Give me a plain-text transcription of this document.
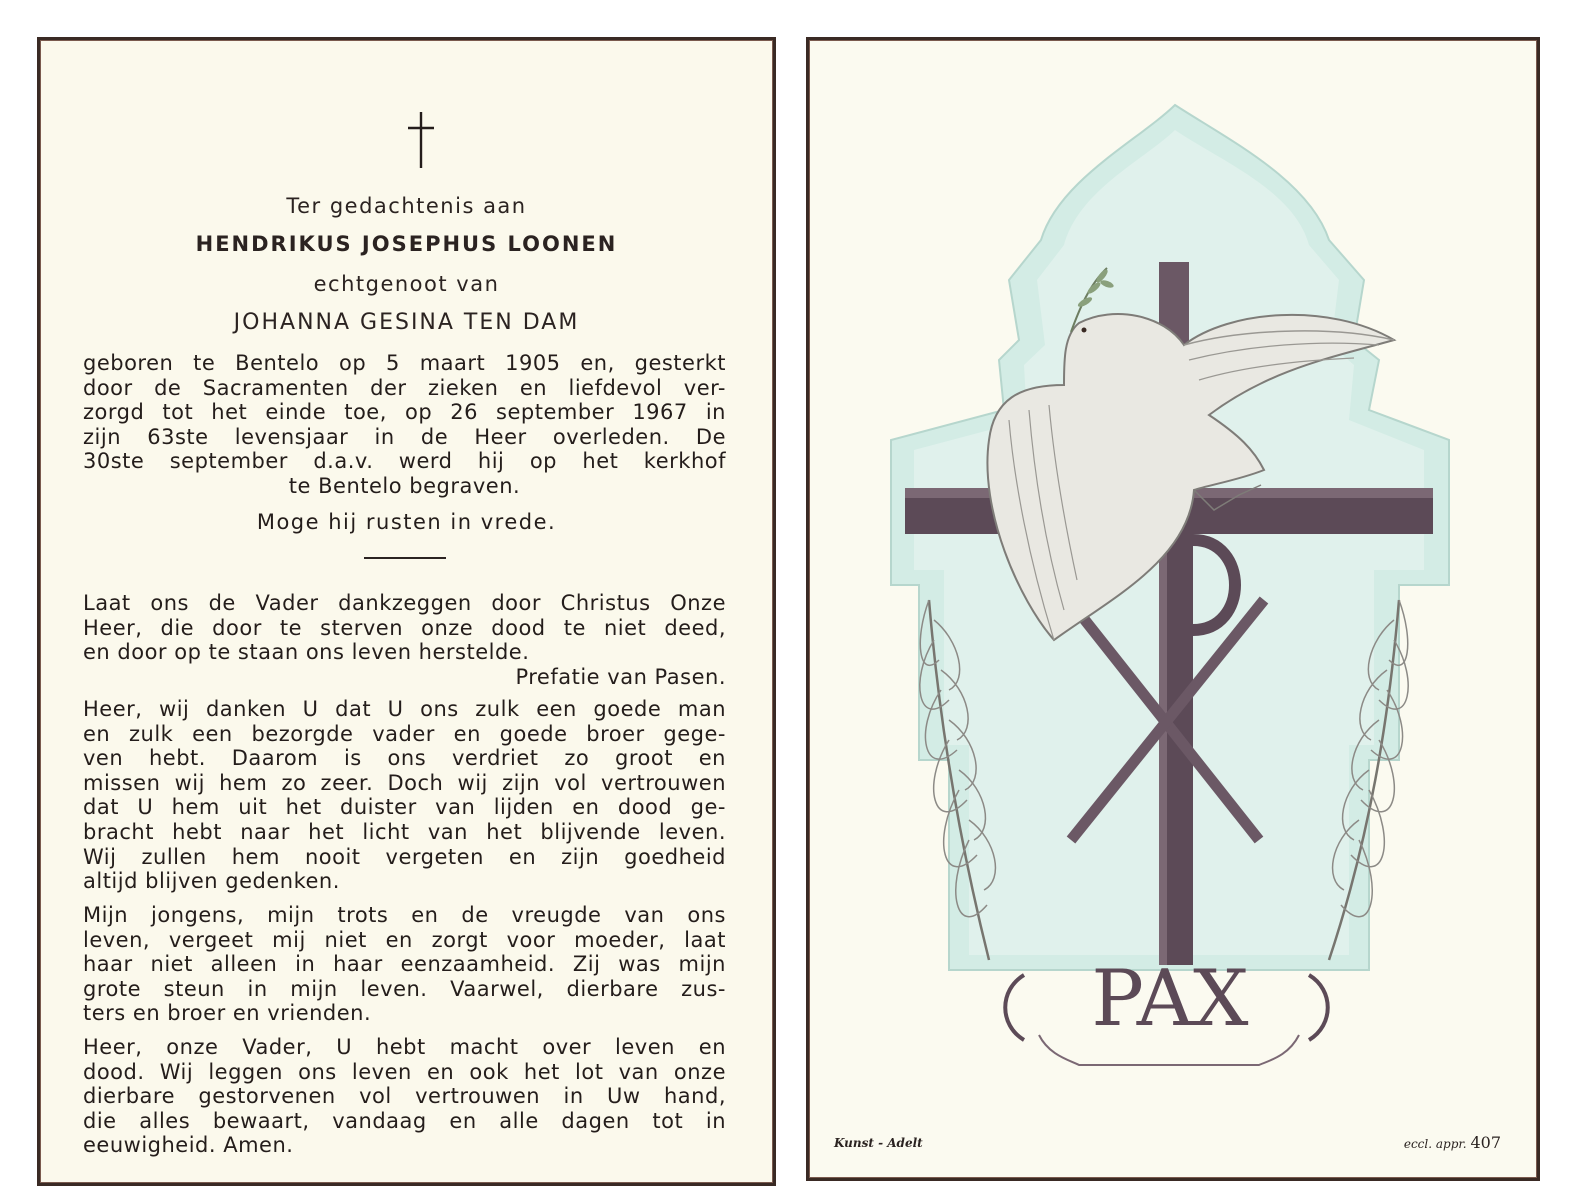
Ter gedachtenis aan
HENDRIKUS JOSEPHUS LOONEN
echtgenoot van
JOHANNA GESINA TEN DAM
geboren te Bentelo op 5 maart 1905 en, gesterkt
door de Sacramenten der zieken en liefdevol ver-
zorgd tot het einde toe, op 26 september 1967 in
zijn 63ste levensjaar in de Heer overleden. De
30ste september d.a.v. werd hij op het kerkhof
te Bentelo begraven.
Moge hij rusten in vrede.
Laat ons de Vader dankzeggen door Christus Onze
Heer, die door te sterven onze dood te niet deed,
en door op te staan ons leven herstelde.
Prefatie van Pasen.
Heer, wij danken U dat U ons zulk een goede man
en zulk een bezorgde vader en goede broer gege-
ven hebt. Daarom is ons verdriet zo groot en
missen wij hem zo zeer. Doch wij zijn vol vertrouwen
dat U hem uit het duister van lijden en dood ge-
bracht hebt naar het licht van het blijvende leven.
Wij zullen hem nooit vergeten en zijn goedheid
altijd blijven gedenken.
Mijn jongens, mijn trots en de vreugde van ons
leven, vergeet mij niet en zorgt voor moeder, laat
haar niet alleen in haar eenzaamheid. Zij was mijn
grote steun in mijn leven. Vaarwel, dierbare zus-
ters en broer en vrienden.
Heer, onze Vader, U hebt macht over leven en
dood. Wij leggen ons leven en ook het lot van onze
dierbare gestorvenen vol vertrouwen in Uw hand,
die alles bewaart, vandaag en alle dagen tot in
eeuwigheid. Amen.
PAX
Kunst - Adelt	eccl. appr. 407
